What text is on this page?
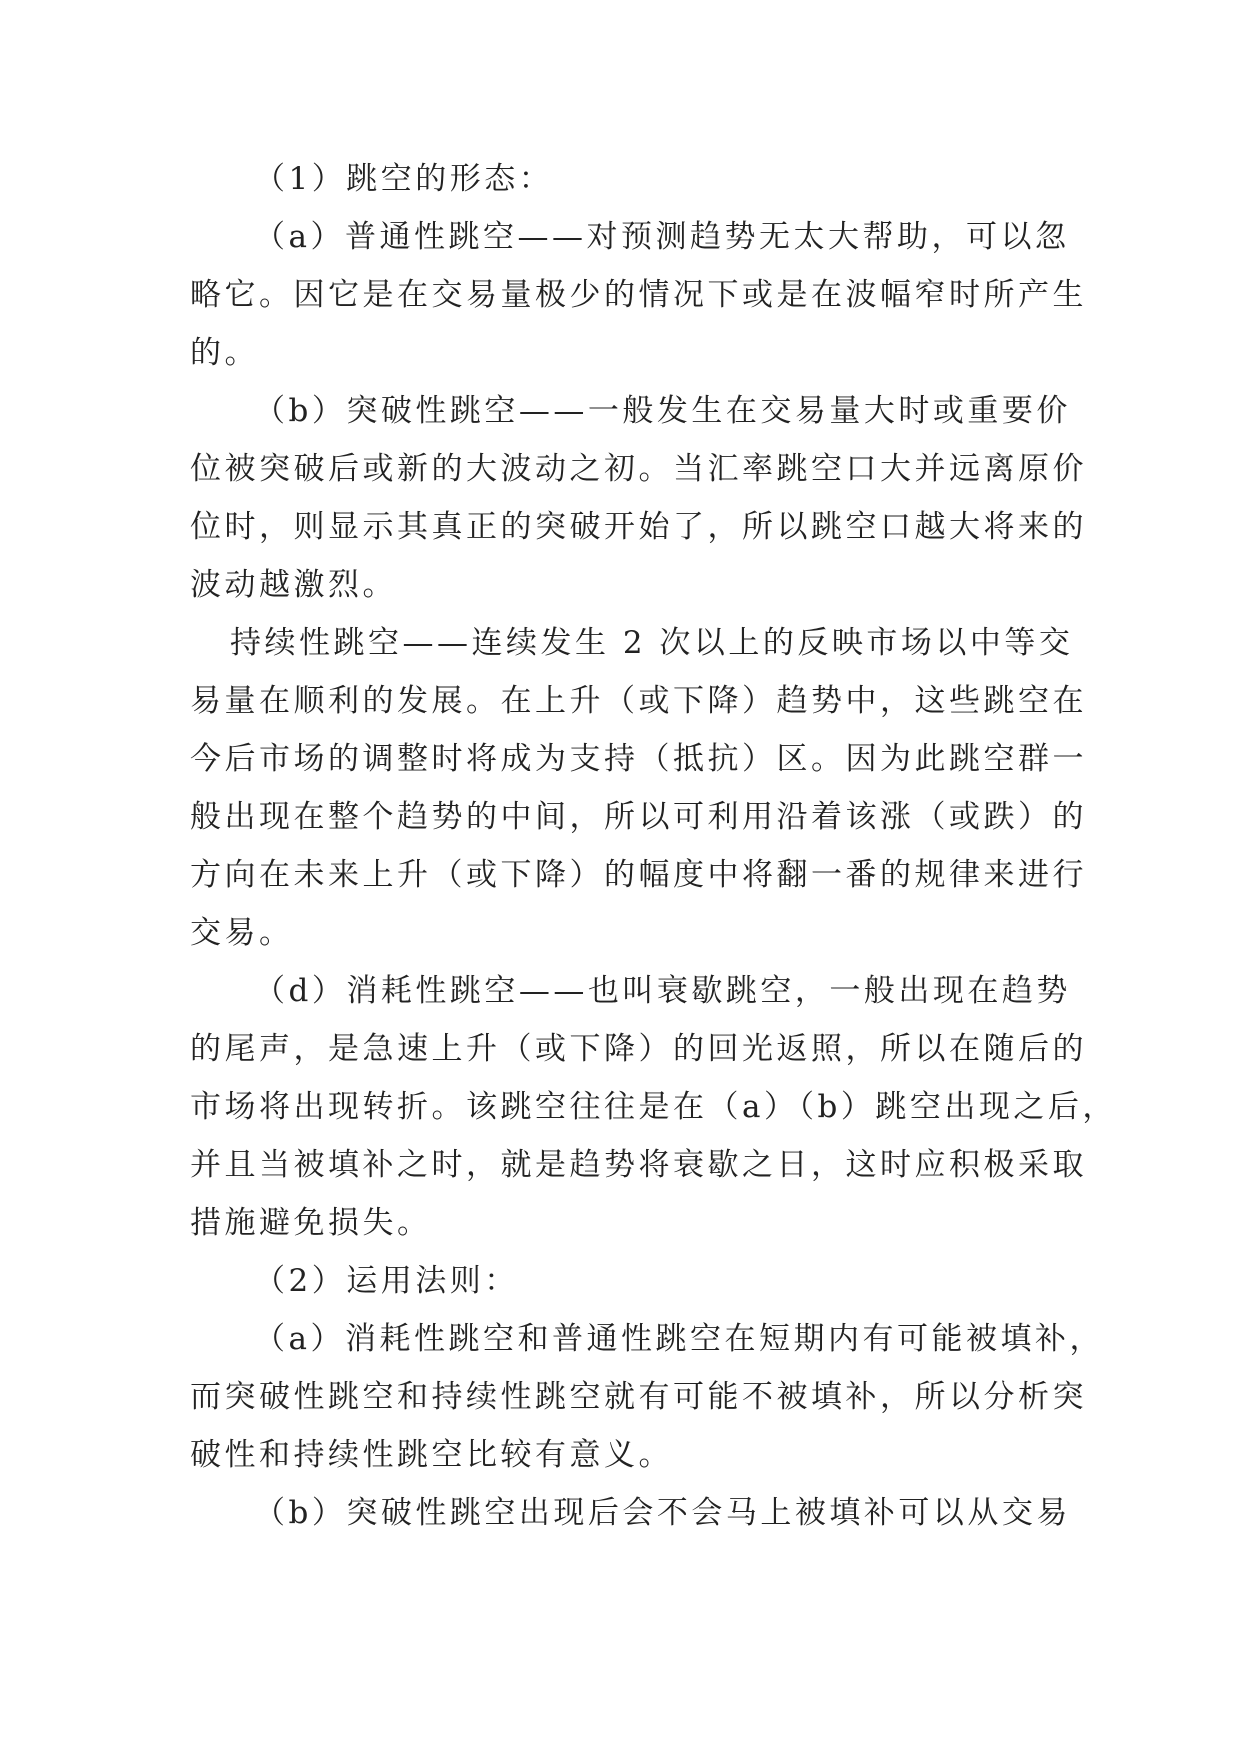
（1）跳空的形态：
（a）普通性跳空——对预测趋势无太大帮助，可以忽
略它。因它是在交易量极少的情况下或是在波幅窄时所产生
的。
（b）突破性跳空——一般发生在交易量大时或重要价
位被突破后或新的大波动之初。当汇率跳空口大并远离原价
位时，则显示其真正的突破开始了，所以跳空口越大将来的
波动越激烈。
持续性跳空——连续发生 2 次以上的反映市场以中等交
易量在顺利的发展。在上升（或下降）趋势中，这些跳空在
今后市场的调整时将成为支持（抵抗）区。因为此跳空群一
般出现在整个趋势的中间，所以可利用沿着该涨（或跌）的
方向在未来上升（或下降）的幅度中将翻一番的规律来进行
交易。
（d）消耗性跳空——也叫衰歇跳空，一般出现在趋势
的尾声，是急速上升（或下降）的回光返照，所以在随后的
市场将出现转折。该跳空往往是在（a）（b）跳空出现之后，
并且当被填补之时，就是趋势将衰歇之日，这时应积极采取
措施避免损失。
（2）运用法则：
（a）消耗性跳空和普通性跳空在短期内有可能被填补，
而突破性跳空和持续性跳空就有可能不被填补，所以分析突
破性和持续性跳空比较有意义。
（b）突破性跳空出现后会不会马上被填补可以从交易
